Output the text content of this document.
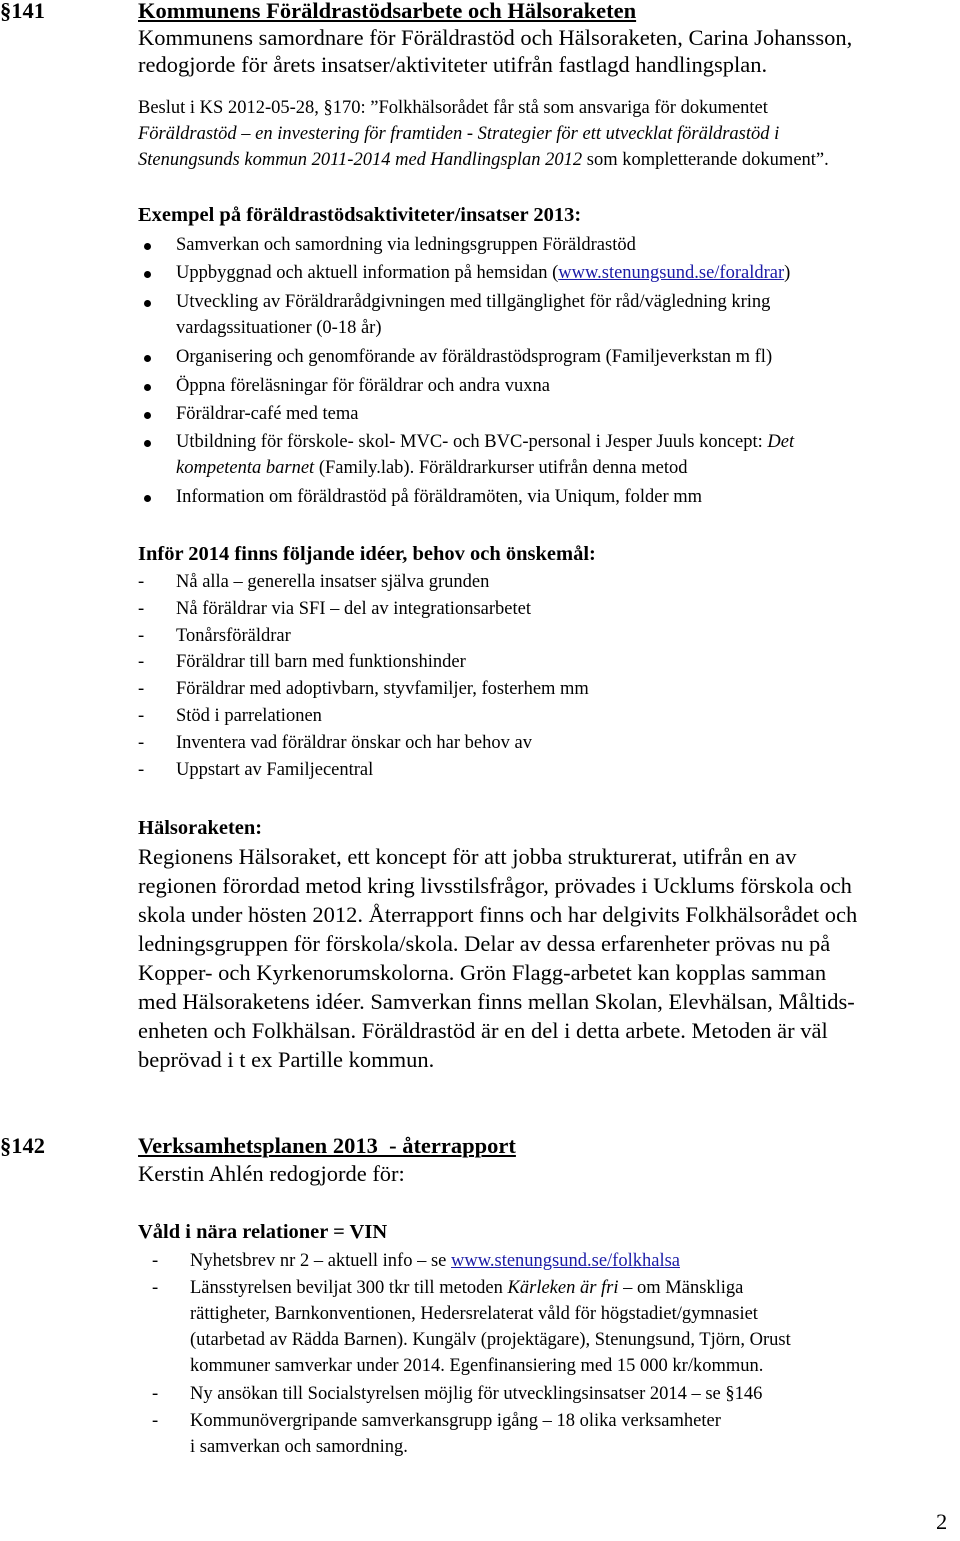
§141	Kommunens Föräldrastödsarbete och Hälsoraketen
Kommunens samordnare för Föräldrastöd och Hälsoraketen, Carina Johansson,
redogjorde för årets insatser/aktiviteter utifrån fastlagd handlingsplan.
Beslut i KS 2012-05-28, §170: ”Folkhälsorådet får stå som ansvariga för dokumentet
Föräldrastöd – en investering för framtiden - Strategier för ett utvecklat föräldrastöd i
Stenungsunds kommun 2011-2014 med Handlingsplan 2012 som kompletterande dokument”.
Exempel på föräldrastödsaktiviteter/insatser 2013:
Samverkan och samordning via ledningsgruppen Föräldrastöd
Uppbyggnad och aktuell information på hemsidan (www.stenungsund.se/foraldrar)
Utveckling av Föräldrarådgivningen med tillgänglighet för råd/vägledning kring
vardagssituationer (0-18 år)
Organisering och genomförande av föräldrastödsprogram (Familjeverkstan m fl)
Öppna föreläsningar för föräldrar och andra vuxna
Föräldrar-café med tema
Utbildning för förskole- skol- MVC- och BVC-personal i Jesper Juuls koncept: Det
kompetenta barnet (Family.lab). Föräldrarkurser utifrån denna metod
Information om föräldrastöd på föräldramöten, via Uniqum, folder mm
Inför 2014 finns följande idéer, behov och önskemål:
- Nå alla – generella insatser själva grunden
- Nå föräldrar via SFI – del av integrationsarbetet
- Tonårsföräldrar
- Föräldrar till barn med funktionshinder
- Föräldrar med adoptivbarn, styvfamiljer, fosterhem mm
- Stöd i parrelationen
- Inventera vad föräldrar önskar och har behov av
- Uppstart av Familjecentral
Hälsoraketen:
Regionens Hälsoraket, ett koncept för att jobba strukturerat, utifrån en av
regionen förordad metod kring livsstilsfrågor, prövades i Ucklums förskola och
skola under hösten 2012. Återrapport finns och har delgivits Folkhälsorådet och
ledningsgruppen för förskola/skola. Delar av dessa erfarenheter prövas nu på
Kopper- och Kyrkenorumskolorna. Grön Flagg-arbetet kan kopplas samman
med Hälsoraketens idéer. Samverkan finns mellan Skolan, Elevhälsan, Måltids-
enheten och Folkhälsan. Föräldrastöd är en del i detta arbete. Metoden är väl
beprövad i t ex Partille kommun.
§142	Verksamhetsplanen 2013  - återrapport
Kerstin Ahlén redogjorde för:
Våld i nära relationer = VIN
- Nyhetsbrev nr 2 – aktuell info – se www.stenungsund.se/folkhalsa
- Länsstyrelsen beviljat 300 tkr till metoden Kärleken är fri – om Mänskliga
rättigheter, Barnkonventionen, Hedersrelaterat våld för högstadiet/gymnasiet
(utarbetad av Rädda Barnen). Kungälv (projektägare), Stenungsund, Tjörn, Orust
kommuner samverkar under 2014. Egenfinansiering med 15 000 kr/kommun.
- Ny ansökan till Socialstyrelsen möjlig för utvecklingsinsatser 2014 – se §146
- Kommunövergripande samverkansgrupp igång – 18 olika verksamheter
i samverkan och samordning.
2
